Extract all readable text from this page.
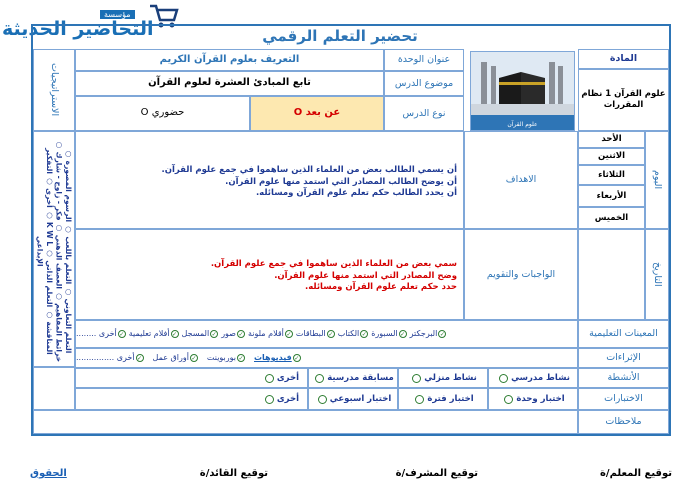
مؤسسة
التحاضير الحديثة	تحضير التعلم الرقمي
المادة
علوم القرآن 1 نظام المقررات
علوم القرآن
عنوان الوحدة
التعريف بعلوم القرآن الكريم
موضوع الدرس
تابع المبادئ العشرة لعلوم القرآن
نوع الدرس
عن بعد
O
حضوري
O
الاستراتيجيات
التعلم التعاوني ○ التعلم باللعب ○ الرسوم المصورة ○ خرائط المفاهيم ○ العصف الذهني ○ فكر - زاوج - شارك ○ المناقشة ○ التعلم الذاتي ○ K W L ○ أخرى ○ التفكير الإبداعي
اليوم
التاريخ
الأحد
الاثنين
الثلاثاء
الأربعاء
الخميس
الاهداف
أن يسمي الطالب بعض من العلماء الذين ساهموا في جمع علوم القرآن.
أن يوضح الطالب المصادر التي استمد منها علوم القرآن.
أن يحدد الطالب حكم تعلم علوم القرآن ومسائله.
الواجبات والتقويم
سمي بعض من العلماء الذين ساهموا في جمع علوم القرآن.
وضح المصادر التي استمد منها علوم القرآن.
حدد حكم تعلم علوم القرآن ومسائله.
المعينات التعليمية
✓البرجكتر
✓السبورة
✓الكتاب
✓البطاقات
✓أقلام ملونة
✓صور
✓المسجل
✓أفلام تعليمية
✓أخرى ........
الإثراءات
✓فيديوهات
✓بوربوينت
✓أوراق عمل
✓أخرى ...............
الأنشطة
نشاط مدرسي
نشاط منزلي
مسابقة مدرسية
أخرى
الاختبارات
اختبار وحدة
اختبار فترة
اختبار اسبوعي
أخرى
ملاحظات
توقيع المعلم/ة
توقيع المشرف/ة
توقيع القائد/ة
الحقوق
